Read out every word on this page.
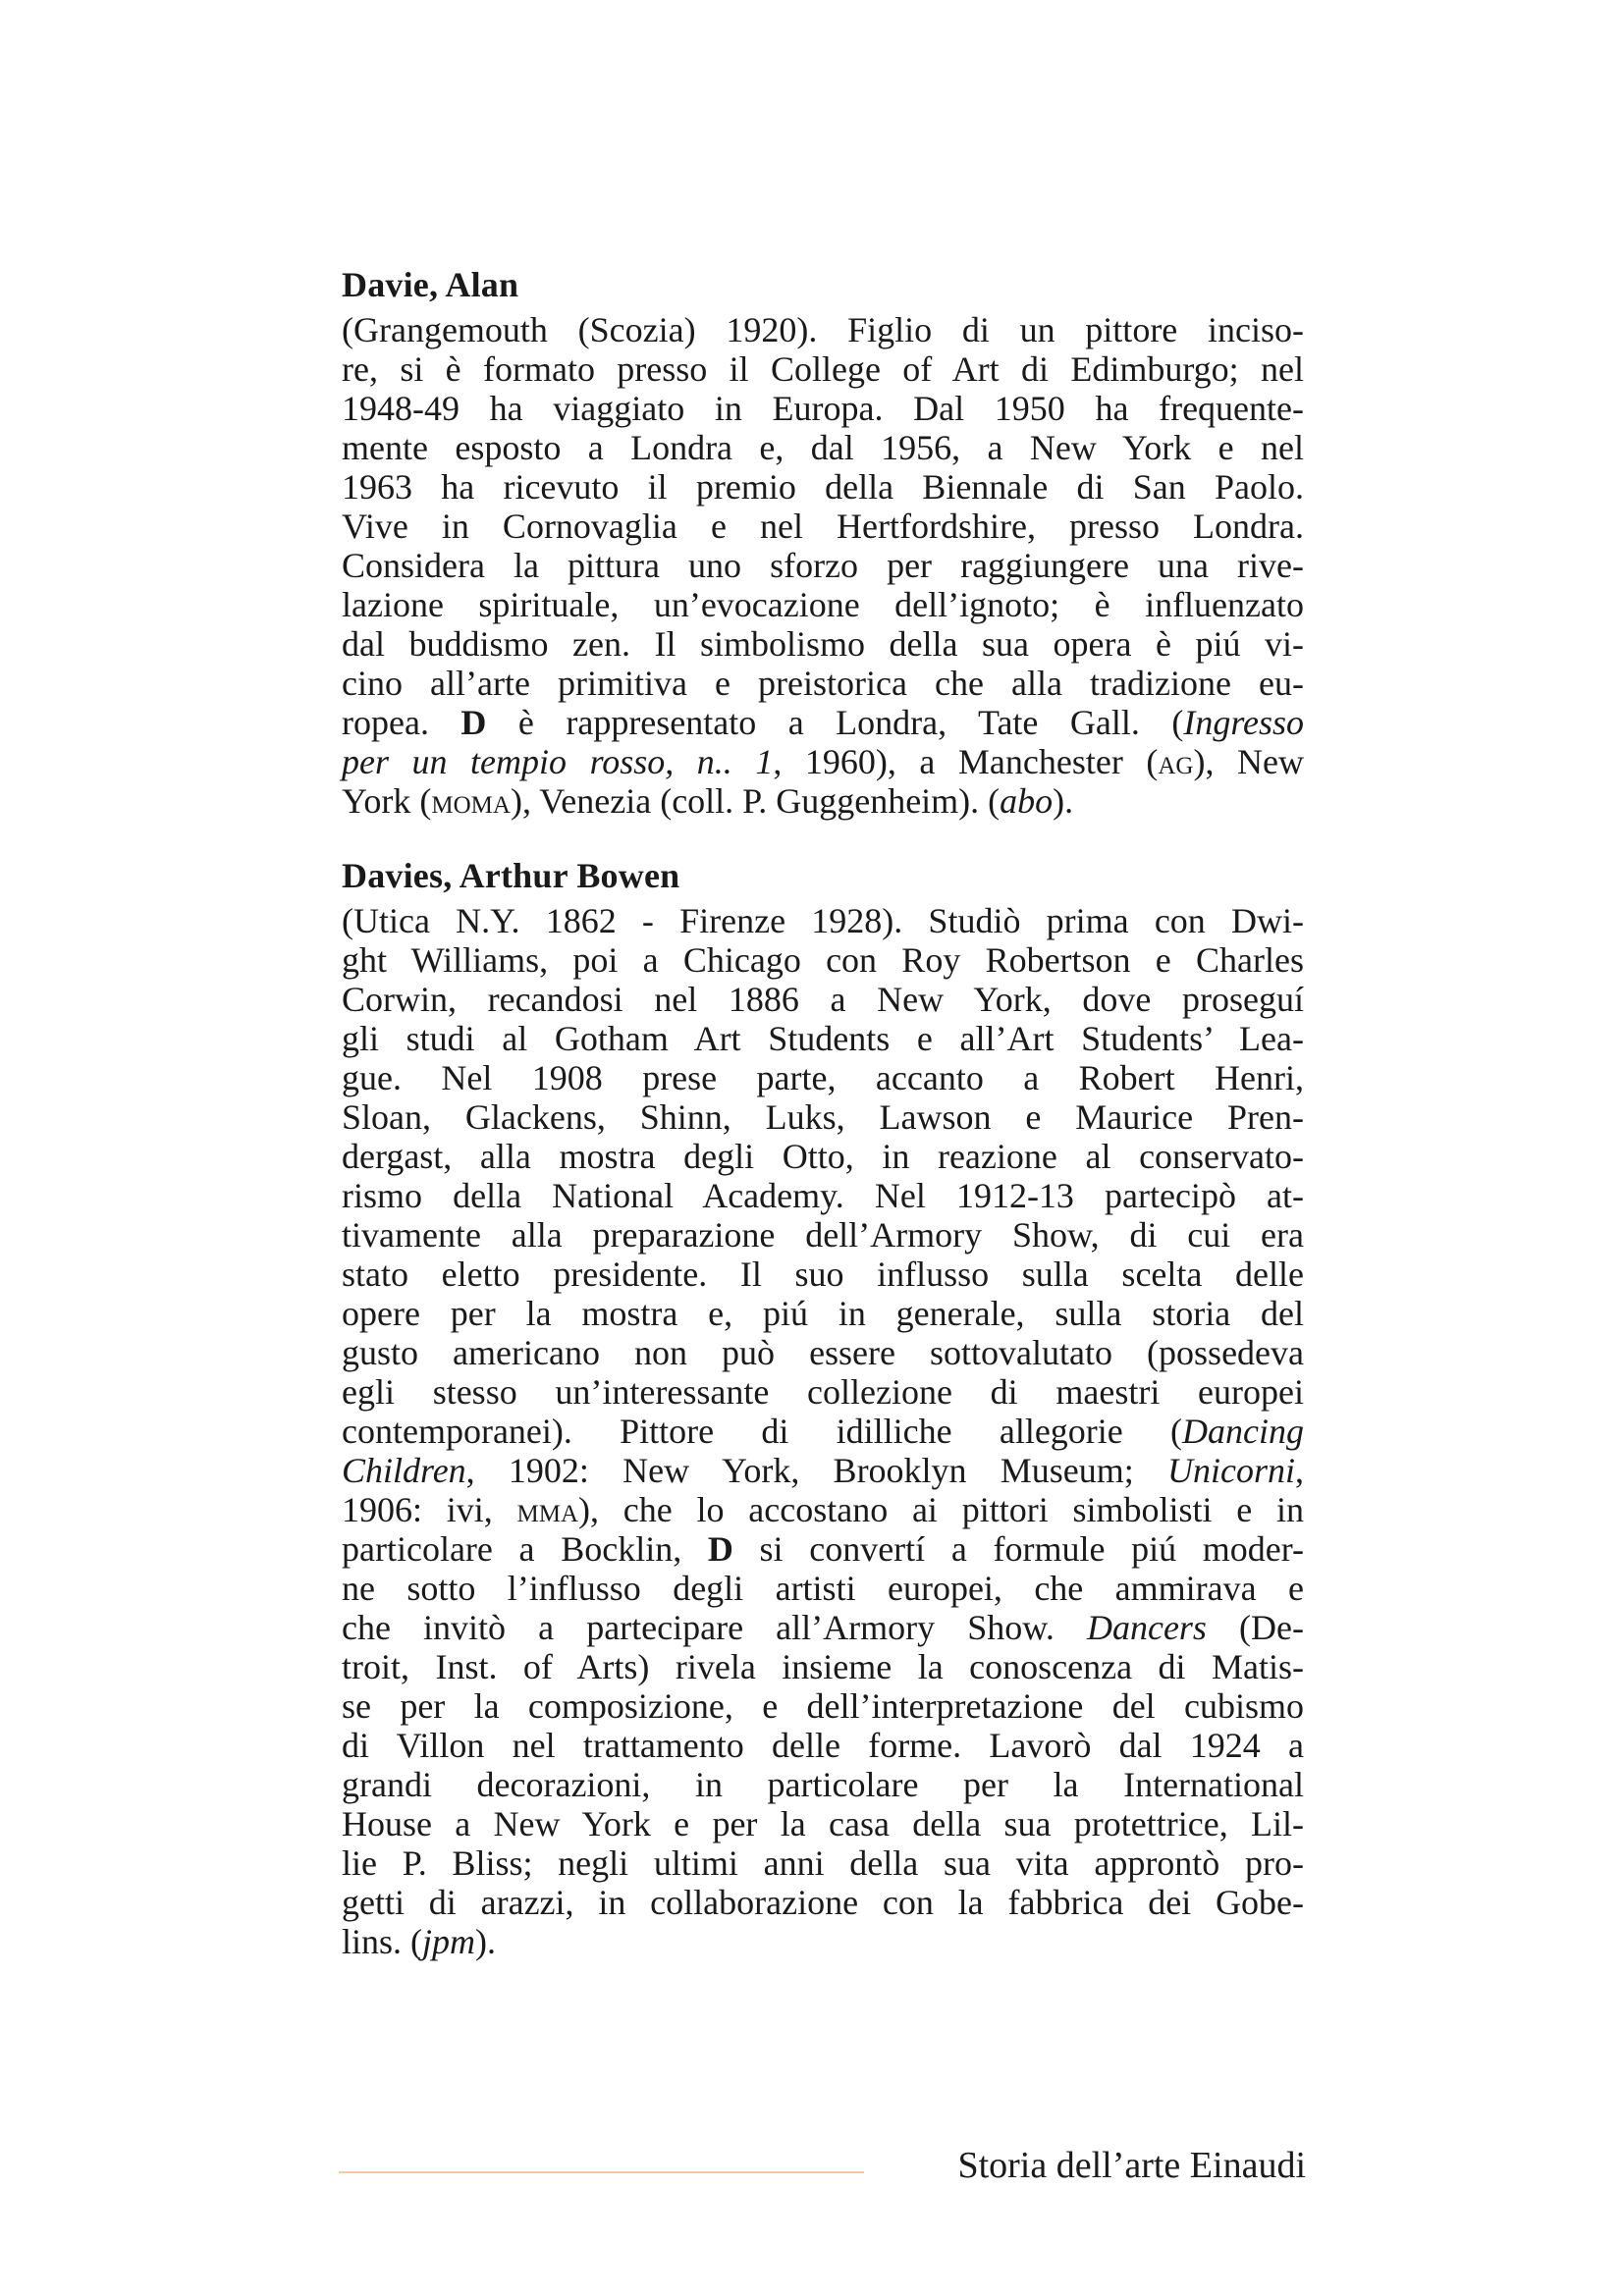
Davie, Alan
(Grangemouth (Scozia) 1920). Figlio di un pittore inciso-
re, si è formato presso il College of Art di Edimburgo; nel
1948-49 ha viaggiato in Europa. Dal 1950 ha frequente-
mente esposto a Londra e, dal 1956, a New York e nel
1963 ha ricevuto il premio della Biennale di San Paolo.
Vive in Cornovaglia e nel Hertfordshire, presso Londra.
Considera la pittura uno sforzo per raggiungere una rive-
lazione spirituale, un’evocazione dell’ignoto; è influenzato
dal buddismo zen. Il simbolismo della sua opera è piú vi-
cino all’arte primitiva e preistorica che alla tradizione eu-
ropea. D è rappresentato a Londra, Tate Gall. (Ingresso
per un tempio rosso, n.. 1, 1960), a Manchester (ag), New
York (moma), Venezia (coll. P. Guggenheim). (abo).
Davies, Arthur Bowen
(Utica N.Y. 1862 - Firenze 1928). Studiò prima con Dwi-
ght Williams, poi a Chicago con Roy Robertson e Charles
Corwin, recandosi nel 1886 a New York, dove proseguí
gli studi al Gotham Art Students e all’Art Students’ Lea-
gue. Nel 1908 prese parte, accanto a Robert Henri,
Sloan, Glackens, Shinn, Luks, Lawson e Maurice Pren-
dergast, alla mostra degli Otto, in reazione al conservato-
rismo della National Academy. Nel 1912-13 partecipò at-
tivamente alla preparazione dell’Armory Show, di cui era
stato eletto presidente. Il suo influsso sulla scelta delle
opere per la mostra e, piú in generale, sulla storia del
gusto americano non può essere sottovalutato (possedeva
egli stesso un’interessante collezione di maestri europei
contemporanei). Pittore di idilliche allegorie (Dancing
Children, 1902: New York, Brooklyn Museum; Unicorni,
1906: ivi, mma), che lo accostano ai pittori simbolisti e in
particolare a Bocklin, D si convertí a formule piú moder-
ne sotto l’influsso degli artisti europei, che ammirava e
che invitò a partecipare all’Armory Show. Dancers (De-
troit, Inst. of Arts) rivela insieme la conoscenza di Matis-
se per la composizione, e dell’interpretazione del cubismo
di Villon nel trattamento delle forme. Lavorò dal 1924 a
grandi decorazioni, in particolare per la International
House a New York e per la casa della sua protettrice, Lil-
lie P. Bliss; negli ultimi anni della sua vita approntò pro-
getti di arazzi, in collaborazione con la fabbrica dei Gobe-
lins. (jpm).
Storia dell’arte Einaudi
